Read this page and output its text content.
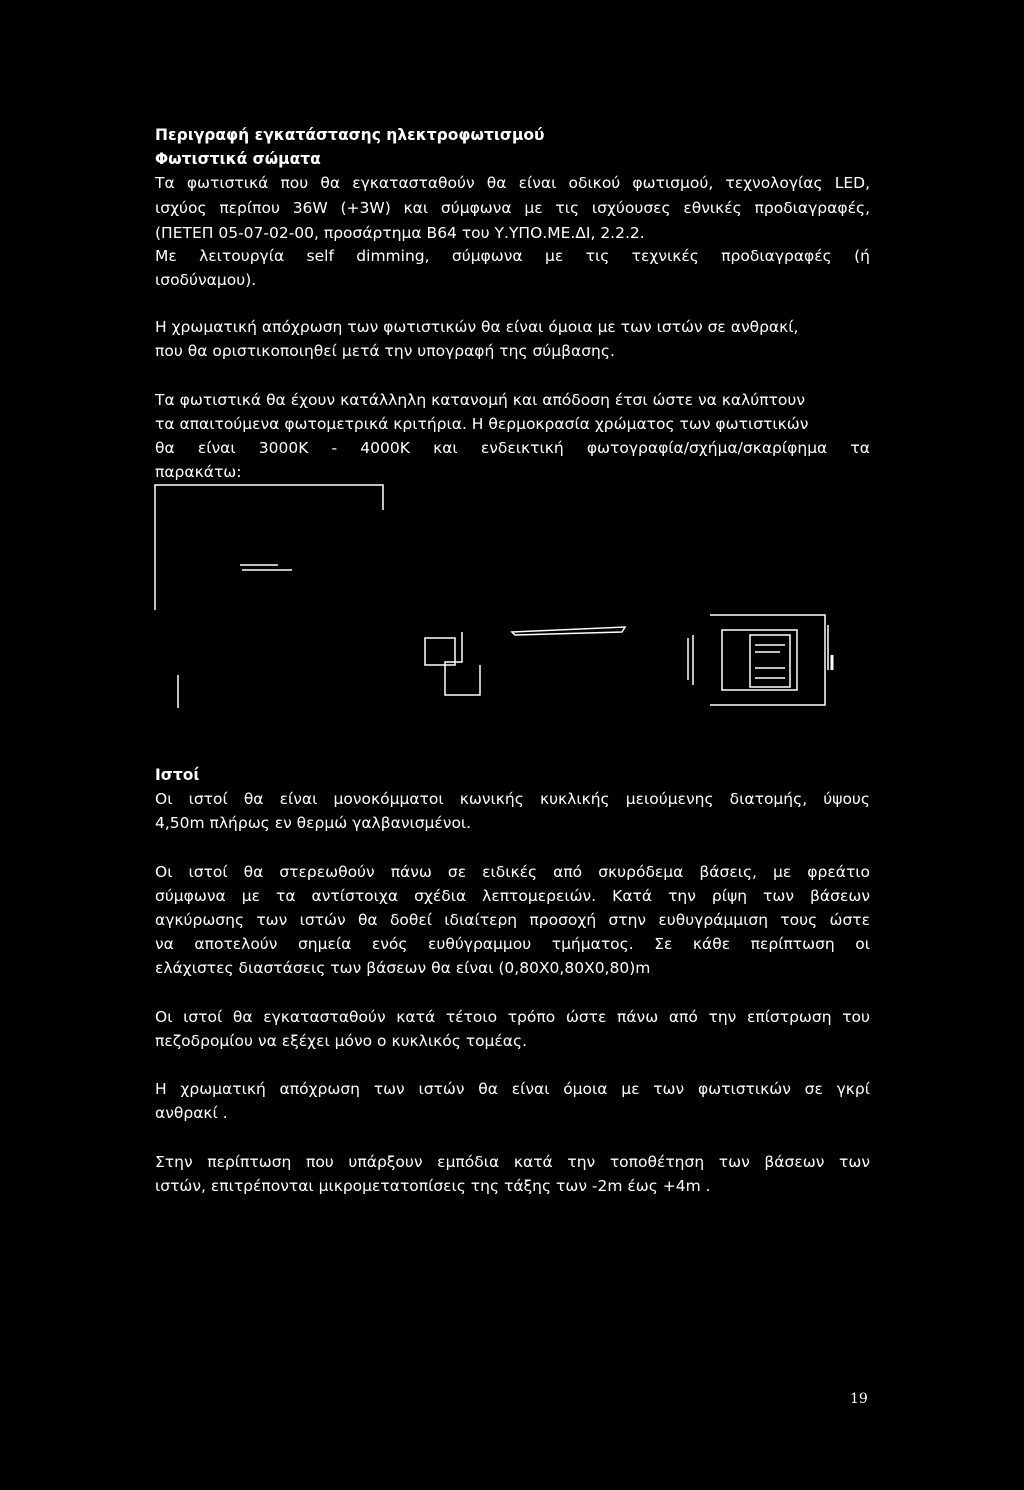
Περιγραφή εγκατάστασης ηλεκτροφωτισμού
Φωτιστικά σώματα
Τα φωτιστικά που θα εγκατασταθούν θα είναι οδικού φωτισμού, τεχνολογίας LED,
ισχύος περίπου 36W (+3W) και σύμφωνα με τις ισχύουσες εθνικές προδιαγραφές,
(ΠΕΤΕΠ 05-07-02-00, προσάρτημα Β64 του Υ.ΥΠΟ.ΜΕ.ΔΙ, 2.2.2.
Με λειτουργία self dimming, σύμφωνα με τις τεχνικές προδιαγραφές (ή
ισοδύναμου).
Η χρωματική απόχρωση των φωτιστικών θα είναι όμοια με των ιστών σε ανθρακί,
που θα οριστικοποιηθεί μετά την υπογραφή της σύμβασης.
Τα φωτιστικά θα έχουν κατάλληλη κατανομή και απόδοση έτσι ώστε να καλύπτουν
τα απαιτούμενα φωτομετρικά κριτήρια. Η θερμοκρασία χρώματος των φωτιστικών
θα είναι 3000Κ - 4000Κ και ενδεικτική φωτογραφία/σχήμα/σκαρίφημα τα
παρακάτω:
Ιστοί
Οι ιστοί θα είναι μονοκόμματοι κωνικής κυκλικής μειούμενης διατομής, ύψους
4,50m πλήρως εν θερμώ γαλβανισμένοι.
Οι ιστοί θα στερεωθούν πάνω σε ειδικές από σκυρόδεμα βάσεις, με φρεάτιο
σύμφωνα με τα αντίστοιχα σχέδια λεπτομερειών. Κατά την ρίψη των βάσεων
αγκύρωσης των ιστών θα δοθεί ιδιαίτερη προσοχή στην ευθυγράμμιση τους ώστε
να αποτελούν σημεία ενός ευθύγραμμου τμήματος. Σε κάθε περίπτωση οι
ελάχιστες διαστάσεις των βάσεων θα είναι (0,80Χ0,80Χ0,80)m
Οι ιστοί θα εγκατασταθούν κατά τέτοιο τρόπο ώστε πάνω από την επίστρωση του
πεζοδρομίου να εξέχει μόνο ο κυκλικός τομέας.
Η χρωματική απόχρωση των ιστών θα είναι όμοια με των φωτιστικών σε γκρί
ανθρακί .
Στην περίπτωση που υπάρξουν εμπόδια κατά την τοποθέτηση των βάσεων των
ιστών, επιτρέπονται μικρομετατοπίσεις της τάξης των -2m έως +4m .
19
